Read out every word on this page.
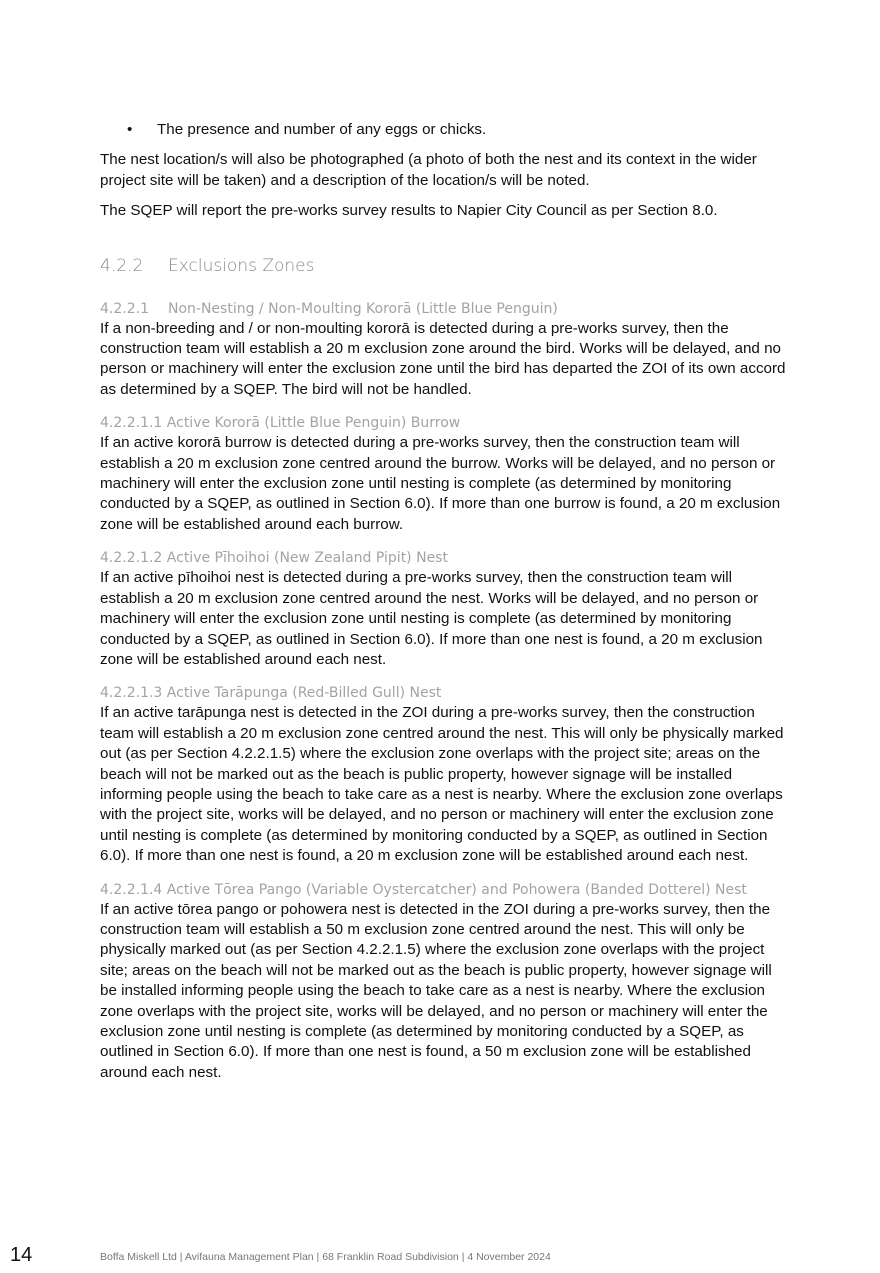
• The presence and number of any eggs or chicks.

The nest location/s will also be photographed (a photo of both the nest and its context in the wider project site will be taken) and a description of the location/s will be noted.

The SQEP will report the pre-works survey results to Napier City Council as per Section 8.0.

4.2.2 Exclusions Zones
4.2.2.1 Non-Nesting / Non-Moulting Kororā (Little Blue Penguin)

If a non-breeding and / or non-moulting kororā is detected during a pre-works survey, then the construction team will establish a 20 m exclusion zone around the bird. Works will be delayed, and no person or machinery will enter the exclusion zone until the bird has departed the ZOI of its own accord as determined by a SQEP. The bird will not be handled.

4.2.2.1.1 Active Kororā (Little Blue Penguin) Burrow

If an active kororā burrow is detected during a pre-works survey, then the construction team will establish a 20 m exclusion zone centred around the burrow. Works will be delayed, and no person or machinery will enter the exclusion zone until nesting is complete (as determined by monitoring conducted by a SQEP, as outlined in Section 6.0). If more than one burrow is found, a 20 m exclusion zone will be established around each burrow.

4.2.2.1.2 Active Pīhoihoi (New Zealand Pipit) Nest

If an active pīhoihoi nest is detected during a pre-works survey, then the construction team will establish a 20 m exclusion zone centred around the nest. Works will be delayed, and no person or machinery will enter the exclusion zone until nesting is complete (as determined by monitoring conducted by a SQEP, as outlined in Section 6.0). If more than one nest is found, a 20 m exclusion zone will be established around each nest.

4.2.2.1.3 Active Tarāpunga (Red-Billed Gull) Nest

If an active tarāpunga nest is detected in the ZOI during a pre-works survey, then the construction team will establish a 20 m exclusion zone centred around the nest. This will only be physically marked out (as per Section 4.2.2.1.5) where the exclusion zone overlaps with the project site; areas on the beach will not be marked out as the beach is public property, however signage will be installed informing people using the beach to take care as a nest is nearby. Where the exclusion zone overlaps with the project site, works will be delayed, and no person or machinery will enter the exclusion zone until nesting is complete (as determined by monitoring conducted by a SQEP, as outlined in Section 6.0). If more than one nest is found, a 20 m exclusion zone will be established around each nest.

4.2.2.1.4 Active Tōrea Pango (Variable Oystercatcher) and Pohowera (Banded Dotterel) Nest

If an active tōrea pango or pohowera nest is detected in the ZOI during a pre-works survey, then the construction team will establish a 50 m exclusion zone centred around the nest. This will only be physically marked out (as per Section 4.2.2.1.5) where the exclusion zone overlaps with the project site; areas on the beach will not be marked out as the beach is public property, however signage will be installed informing people using the beach to take care as a nest is nearby. Where the exclusion zone overlaps with the project site, works will be delayed, and no person or machinery will enter the exclusion zone until nesting is complete (as determined by monitoring conducted by a SQEP, as outlined in Section 6.0). If more than one nest is found, a 50 m exclusion zone will be established around each nest.

14	Boffa Miskell Ltd | Avifauna Management Plan | 68 Franklin Road Subdivision | 4 November 2024
